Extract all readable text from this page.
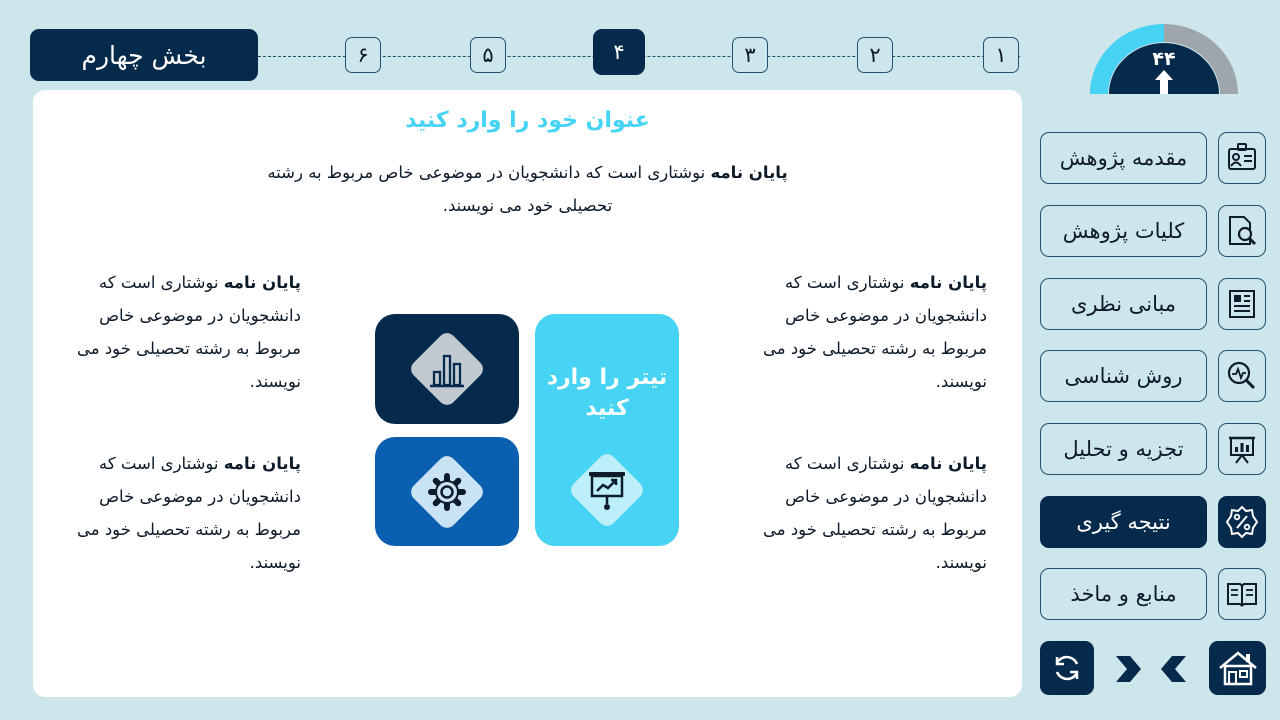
بخش چهارم	۱
۲
۳
۴
۵
۶	۴۴
عنوان خود را وارد کنید
پایان نامه نوشتاری است که دانشجویان در موضوعی خاص مربوط به رشته تحصیلی خود می نویسند.
پایان نامه نوشتاری است که دانشجویان در موضوعی خاص مربوط به رشته تحصیلی خود می نویسند.
پایان نامه نوشتاری است که دانشجویان در موضوعی خاص مربوط به رشته تحصیلی خود می نویسند.
پایان نامه نوشتاری است که دانشجویان در موضوعی خاص مربوط به رشته تحصیلی خود می نویسند.
پایان نامه نوشتاری است که دانشجویان در موضوعی خاص مربوط به رشته تحصیلی خود می نویسند.
تیتر را وارد کنید
مقدمه پژوهش
کلیات پژوهش
مبانی نظری
روش شناسی
تجزیه و تحلیل
نتیجه گیری
منابع و ماخذ
